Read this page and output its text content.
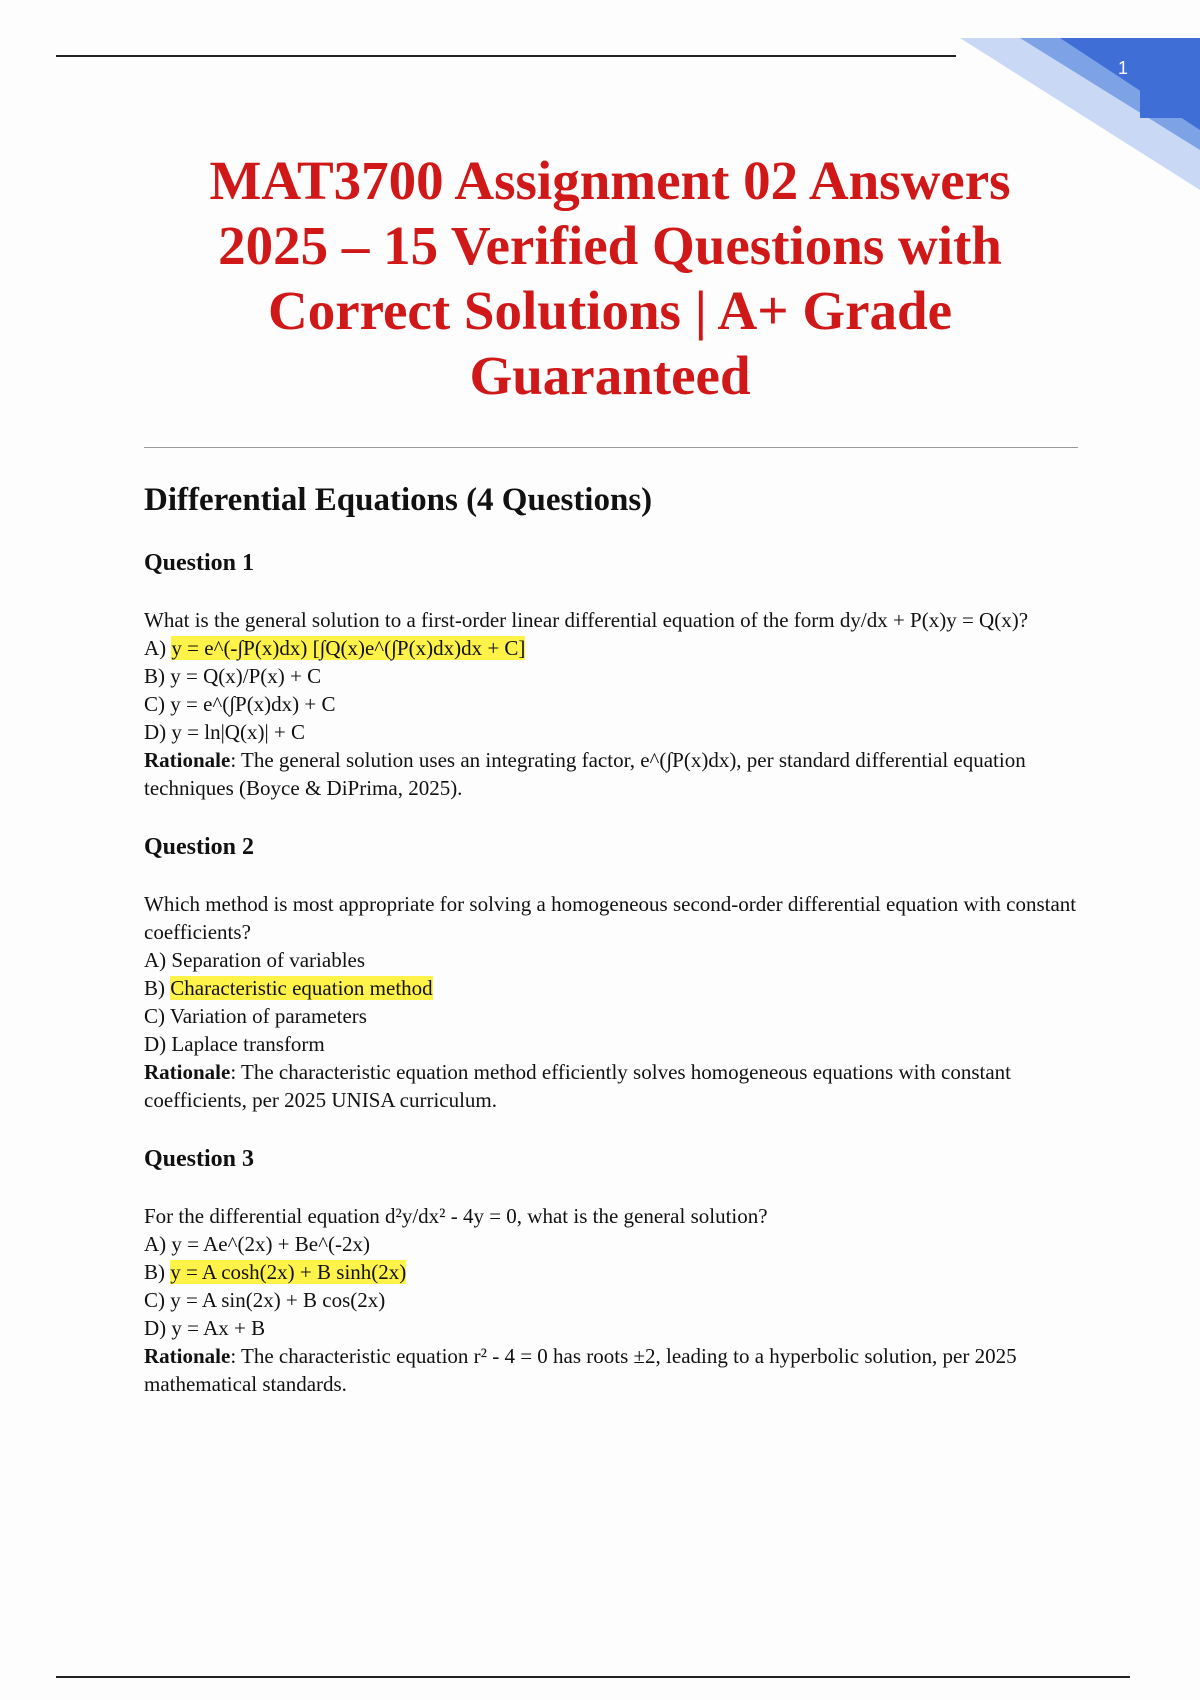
1
MAT3700 Assignment 02 Answers
2025 – 15 Verified Questions with
Correct Solutions | A+ Grade
Guaranteed
Differential Equations (4 Questions)
Question 1

What is the general solution to a first-order linear differential equation of the form dy/dx + P(x)y = Q(x)?

A) y = e^(-∫P(x)dx) [∫Q(x)e^(∫P(x)dx)dx + C]
B) y = Q(x)/P(x) + C
C) y = e^(∫P(x)dx) + C
D) y = ln|Q(x)| + C

Rationale: The general solution uses an integrating factor, e^(∫P(x)dx), per standard differential equation techniques (Boyce & DiPrima, 2025).

Question 2

Which method is most appropriate for solving a homogeneous second-order differential equation with constant coefficients?

A) Separation of variables
B) Characteristic equation method
C) Variation of parameters
D) Laplace transform

Rationale: The characteristic equation method efficiently solves homogeneous equations with constant coefficients, per 2025 UNISA curriculum.

Question 3

For the differential equation d²y/dx² - 4y = 0, what is the general solution?

A) y = Ae^(2x) + Be^(-2x)
B) y = A cosh(2x) + B sinh(2x)
C) y = A sin(2x) + B cos(2x)
D) y = Ax + B

Rationale: The characteristic equation r² - 4 = 0 has roots ±2, leading to a hyperbolic solution, per 2025 mathematical standards.
